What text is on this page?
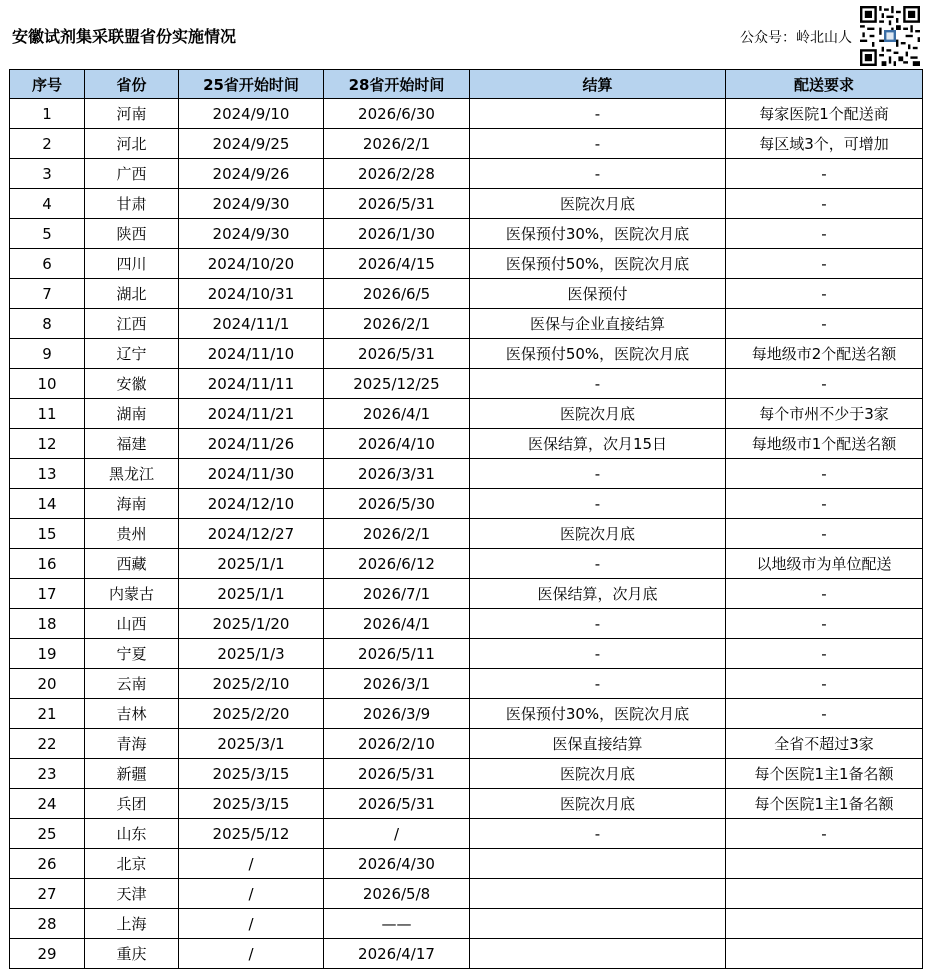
安徽试剂集采联盟省份实施情况	公众号：岭北山人
序号	省份	25省开始时间	28省开始时间	结算	配送要求
1	河南	2024/9/10	2026/6/30	-	每家医院1个配送商
2	河北	2024/9/25	2026/2/1	-	每区域3个，可增加
3	广西	2024/9/26	2026/2/28	-	-
4	甘肃	2024/9/30	2026/5/31	医院次月底	-
5	陕西	2024/9/30	2026/1/30	医保预付30%，医院次月底	-
6	四川	2024/10/20	2026/4/15	医保预付50%，医院次月底	-
7	湖北	2024/10/31	2026/6/5	医保预付	-
8	江西	2024/11/1	2026/2/1	医保与企业直接结算	-
9	辽宁	2024/11/10	2026/5/31	医保预付50%，医院次月底	每地级市2个配送名额
10	安徽	2024/11/11	2025/12/25	-	-
11	湖南	2024/11/21	2026/4/1	医院次月底	每个市州不少于3家
12	福建	2024/11/26	2026/4/10	医保结算，次月15日	每地级市1个配送名额
13	黑龙江	2024/11/30	2026/3/31	-	-
14	海南	2024/12/10	2026/5/30	-	-
15	贵州	2024/12/27	2026/2/1	医院次月底	-
16	西藏	2025/1/1	2026/6/12	-	以地级市为单位配送
17	内蒙古	2025/1/1	2026/7/1	医保结算，次月底	-
18	山西	2025/1/20	2026/4/1	-	-
19	宁夏	2025/1/3	2026/5/11	-	-
20	云南	2025/2/10	2026/3/1	-	-
21	吉林	2025/2/20	2026/3/9	医保预付30%，医院次月底	-
22	青海	2025/3/1	2026/2/10	医保直接结算	全省不超过3家
23	新疆	2025/3/15	2026/5/31	医院次月底	每个医院1主1备名额
24	兵团	2025/3/15	2026/5/31	医院次月底	每个医院1主1备名额
25	山东	2025/5/12	/	-	-
26	北京	/	2026/4/30		
27	天津	/	2026/5/8		
28	上海	/	——		
29	重庆	/	2026/4/17		
